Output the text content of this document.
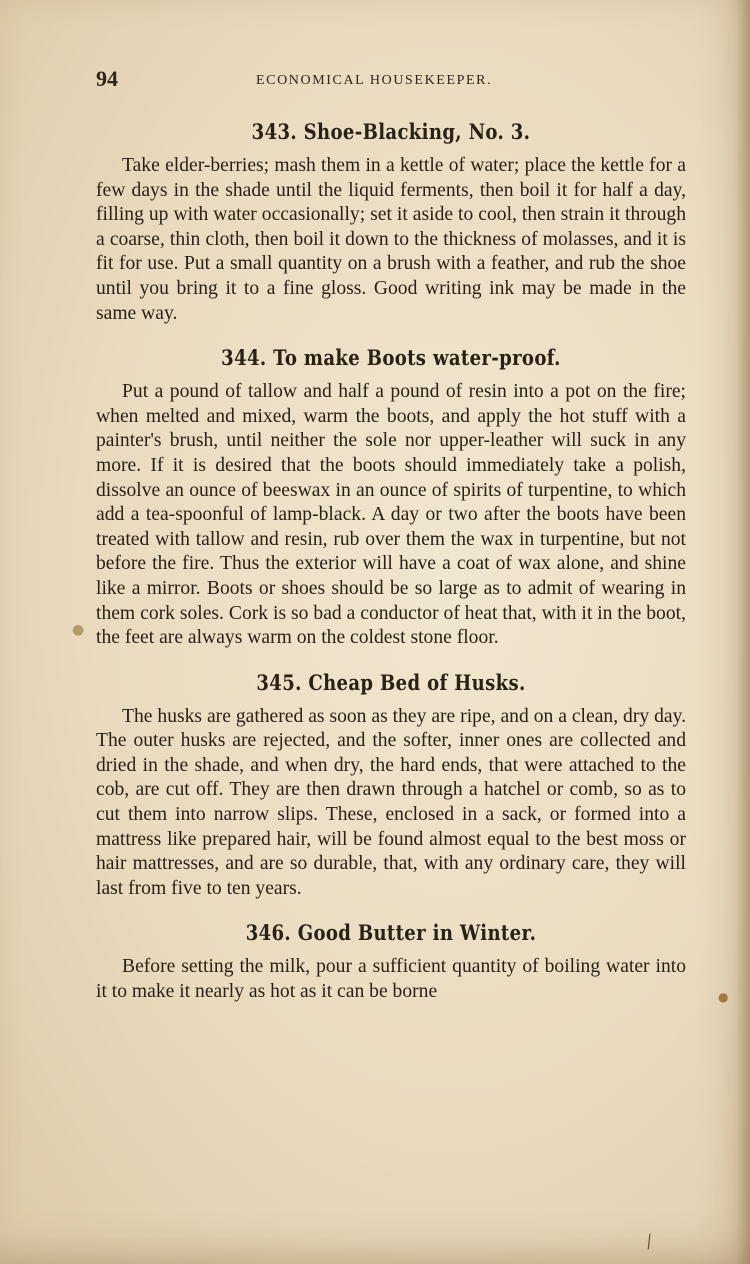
94	ECONOMICAL HOUSEKEEPER.
343. Shoe-Blacking, No. 3.

Take elder-berries; mash them in a kettle of water; place the kettle for a few days in the shade until the liquid ferments, then boil it for half a day, filling up with water occasionally; set it aside to cool, then strain it through a coarse, thin cloth, then boil it down to the thickness of molasses, and it is fit for use. Put a small quantity on a brush with a feather, and rub the shoe until you bring it to a fine gloss. Good writing ink may be made in the same way.

344. To make Boots water-proof.

Put a pound of tallow and half a pound of resin into a pot on the fire; when melted and mixed, warm the boots, and apply the hot stuff with a painter's brush, until neither the sole nor upper-leather will suck in any more. If it is desired that the boots should immediately take a polish, dissolve an ounce of beeswax in an ounce of spirits of turpentine, to which add a tea-spoonful of lamp-black. A day or two after the boots have been treated with tallow and resin, rub over them the wax in turpentine, but not before the fire. Thus the exterior will have a coat of wax alone, and shine like a mirror. Boots or shoes should be so large as to admit of wearing in them cork soles. Cork is so bad a conductor of heat that, with it in the boot, the feet are always warm on the coldest stone floor.

345. Cheap Bed of Husks.

The husks are gathered as soon as they are ripe, and on a clean, dry day. The outer husks are rejected, and the softer, inner ones are collected and dried in the shade, and when dry, the hard ends, that were attached to the cob, are cut off. They are then drawn through a hatchel or comb, so as to cut them into narrow slips. These, enclosed in a sack, or formed into a mattress like prepared hair, will be found almost equal to the best moss or hair mattresses, and are so durable, that, with any ordinary care, they will last from five to ten years.

346. Good Butter in Winter.

Before setting the milk, pour a sufficient quantity of boiling water into it to make it nearly as hot as it can be borne

●
●
⁄
